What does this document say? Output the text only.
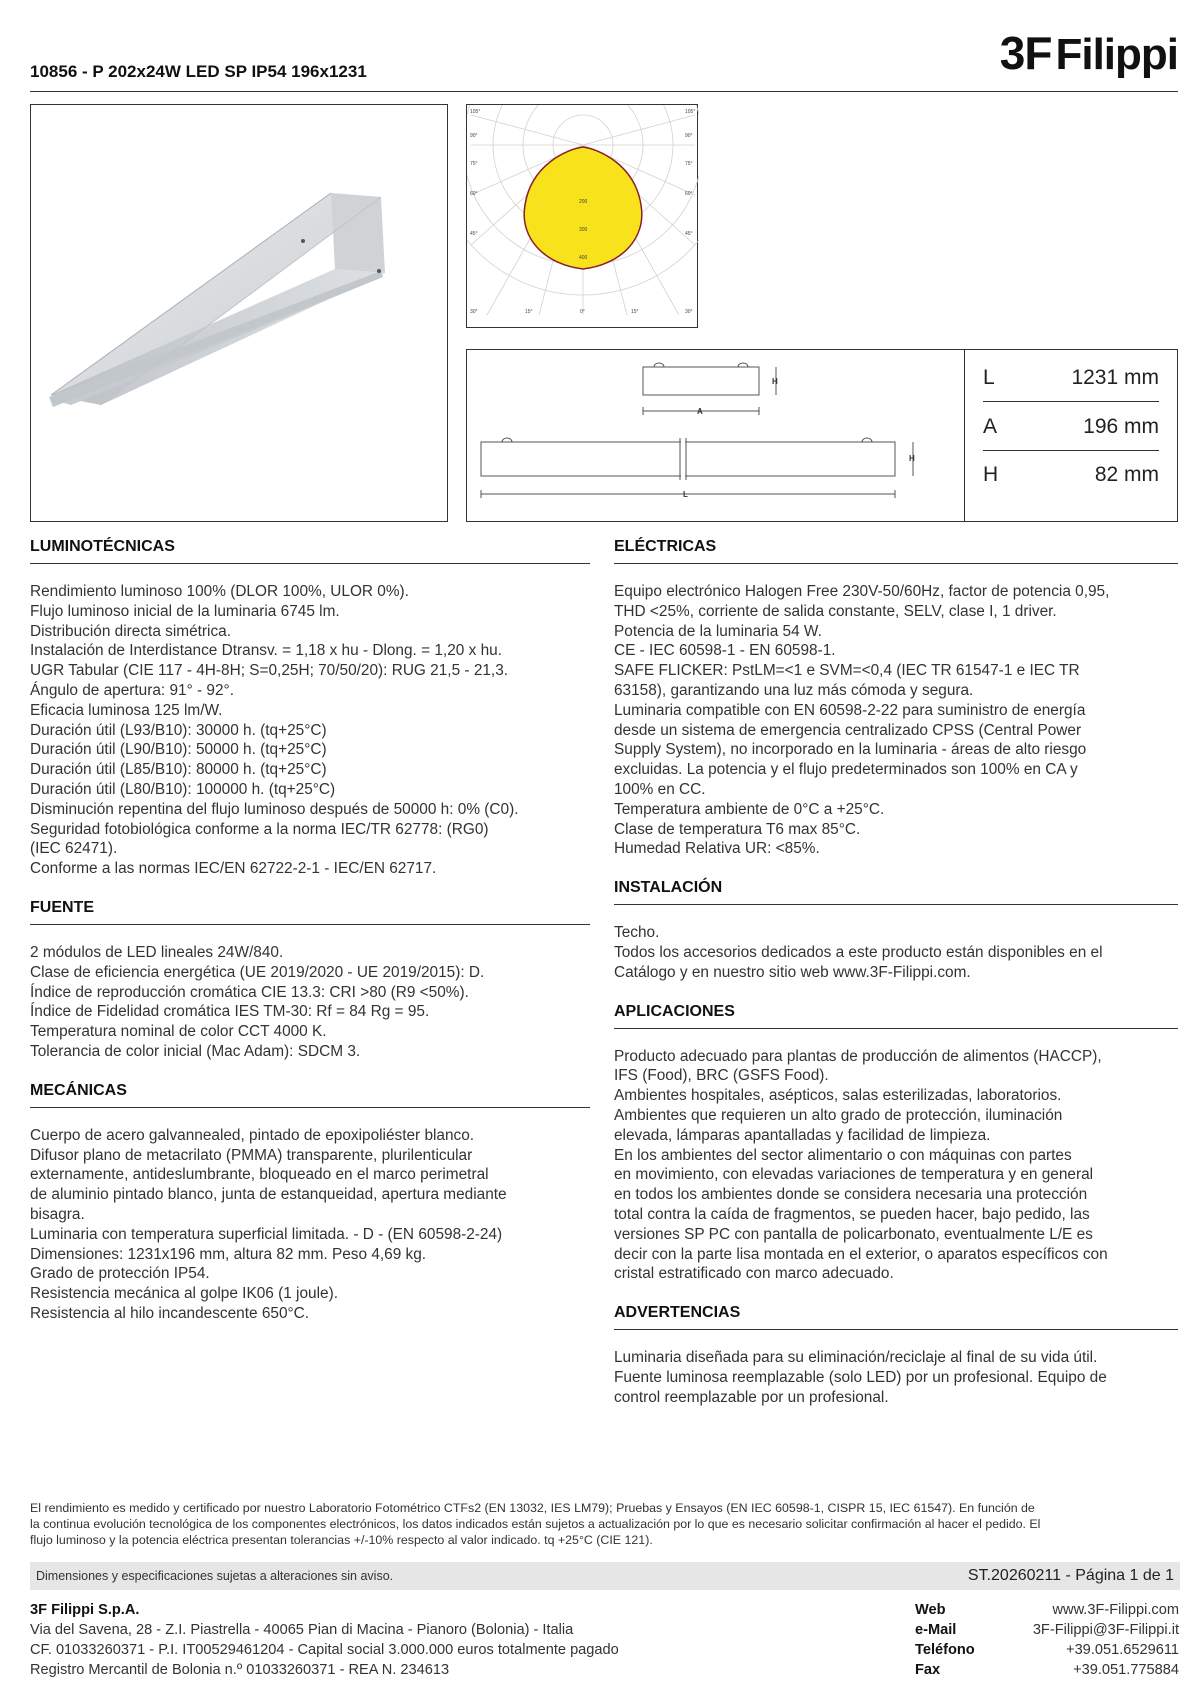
10856 - P 202x24W LED SP IP54 196x1231	3FFilippi
105°
90°
75°
60°
45°
105°
90°
75°
60°
45°
30°	15°	0°	15°	30°
200
300
400
H
A
H
L
L	1231 mm
A	196 mm
H	82 mm
LUMINOTÉCNICAS
Rendimiento luminoso 100% (DLOR 100%, ULOR 0%).
Flujo luminoso inicial de la luminaria 6745 lm.
Distribución directa simétrica.
Instalación de Interdistance Dtransv. = 1,18 x hu - Dlong. = 1,20 x hu.
UGR Tabular (CIE 117 - 4H-8H; S=0,25H; 70/50/20): RUG 21,5 - 21,3.
Ángulo de apertura: 91° - 92°.
Eficacia luminosa 125 lm/W.
Duración útil (L93/B10): 30000 h. (tq+25°C)
Duración útil (L90/B10): 50000 h. (tq+25°C)
Duración útil (L85/B10): 80000 h. (tq+25°C)
Duración útil (L80/B10): 100000 h. (tq+25°C)
Disminución repentina del flujo luminoso después de 50000 h: 0% (C0).
Seguridad fotobiológica conforme a la norma IEC/TR 62778: (RG0)
(IEC 62471).
Conforme a las normas IEC/EN 62722-2-1 - IEC/EN 62717.
FUENTE
2 módulos de LED lineales 24W/840.
Clase de eficiencia energética (UE 2019/2020 - UE 2019/2015): D.
Índice de reproducción cromática CIE 13.3: CRI >80 (R9 <50%).
Índice de Fidelidad cromática IES TM-30: Rf = 84 Rg = 95.
Temperatura nominal de color CCT 4000 K.
Tolerancia de color inicial (Mac Adam): SDCM 3.
MECÁNICAS
Cuerpo de acero galvannealed, pintado de epoxipoliéster blanco.
Difusor plano de metacrilato (PMMA) transparente, plurilenticular
externamente, antideslumbrante, bloqueado en el marco perimetral
de aluminio pintado blanco, junta de estanqueidad, apertura mediante
bisagra.
Luminaria con temperatura superficial limitada. - D - (EN 60598-2-24)
Dimensiones: 1231x196 mm, altura 82 mm. Peso 4,69 kg.
Grado de protección IP54.
Resistencia mecánica al golpe IK06 (1 joule).
Resistencia al hilo incandescente 650°C.
ELÉCTRICAS
Equipo electrónico Halogen Free 230V-50/60Hz, factor de potencia 0,95,
THD <25%, corriente de salida constante, SELV, clase I, 1 driver.
Potencia de la luminaria 54 W.
CE - IEC 60598-1 - EN 60598-1.
SAFE FLICKER: PstLM=<1 e SVM=<0,4 (IEC TR 61547-1 e IEC TR
63158), garantizando una luz más cómoda y segura.
Luminaria compatible con EN 60598-2-22 para suministro de energía
desde un sistema de emergencia centralizado CPSS (Central Power
Supply System), no incorporado en la luminaria - áreas de alto riesgo
excluidas. La potencia y el flujo predeterminados son 100% en CA y
100% en CC.
Temperatura ambiente de 0°C a +25°C.
Clase de temperatura T6 max 85°C.
Humedad Relativa UR: <85%.
INSTALACIÓN
Techo.
Todos los accesorios dedicados a este producto están disponibles en el
Catálogo y en nuestro sitio web www.3F-Filippi.com.
APLICACIONES
Producto adecuado para plantas de producción de alimentos (HACCP),
IFS (Food), BRC (GSFS Food).
Ambientes hospitales, asépticos, salas esterilizadas, laboratorios.
Ambientes que requieren un alto grado de protección, iluminación
elevada, lámparas apantalladas y facilidad de limpieza.
En los ambientes del sector alimentario o con máquinas con partes
en movimiento, con elevadas variaciones de temperatura y en general
en todos los ambientes donde se considera necesaria una protección
total contra la caída de fragmentos, se pueden hacer, bajo pedido, las
versiones SP PC con pantalla de policarbonato, eventualmente L/E es
decir con la parte lisa montada en el exterior, o aparatos específicos con
cristal estratificado con marco adecuado.
ADVERTENCIAS
Luminaria diseñada para su eliminación/reciclaje al final de su vida útil.
Fuente luminosa reemplazable (solo LED) por un profesional. Equipo de
control reemplazable por un profesional.
El rendimiento es medido y certificado por nuestro Laboratorio Fotométrico CTFs2 (EN 13032, IES LM79); Pruebas y Ensayos (EN IEC 60598-1, CISPR 15, IEC 61547). En función de
la continua evolución tecnológica de los componentes electrónicos, los datos indicados están sujetos a actualización por lo que es necesario solicitar confirmación al hacer el pedido. El
flujo luminoso y la potencia eléctrica presentan tolerancias +/-10% respecto al valor indicado. tq +25°C (CIE 121).
Dimensiones y especificaciones sujetas a alteraciones sin aviso.	ST.20260211 - Página 1 de 1
3F Filippi S.p.A.
Via del Savena, 28 - Z.I. Piastrella - 40065 Pian di Macina - Pianoro (Bolonia) - Italia
CF. 01033260371 - P.I. IT00529461204 - Capital social 3.000.000 euros totalmente pagado
Registro Mercantil de Bolonia n.º 01033260371 - REA N. 234613
Web	www.3F-Filippi.com
e-Mail	3F-Filippi@3F-Filippi.it
Teléfono	+39.051.6529611
Fax	+39.051.775884
